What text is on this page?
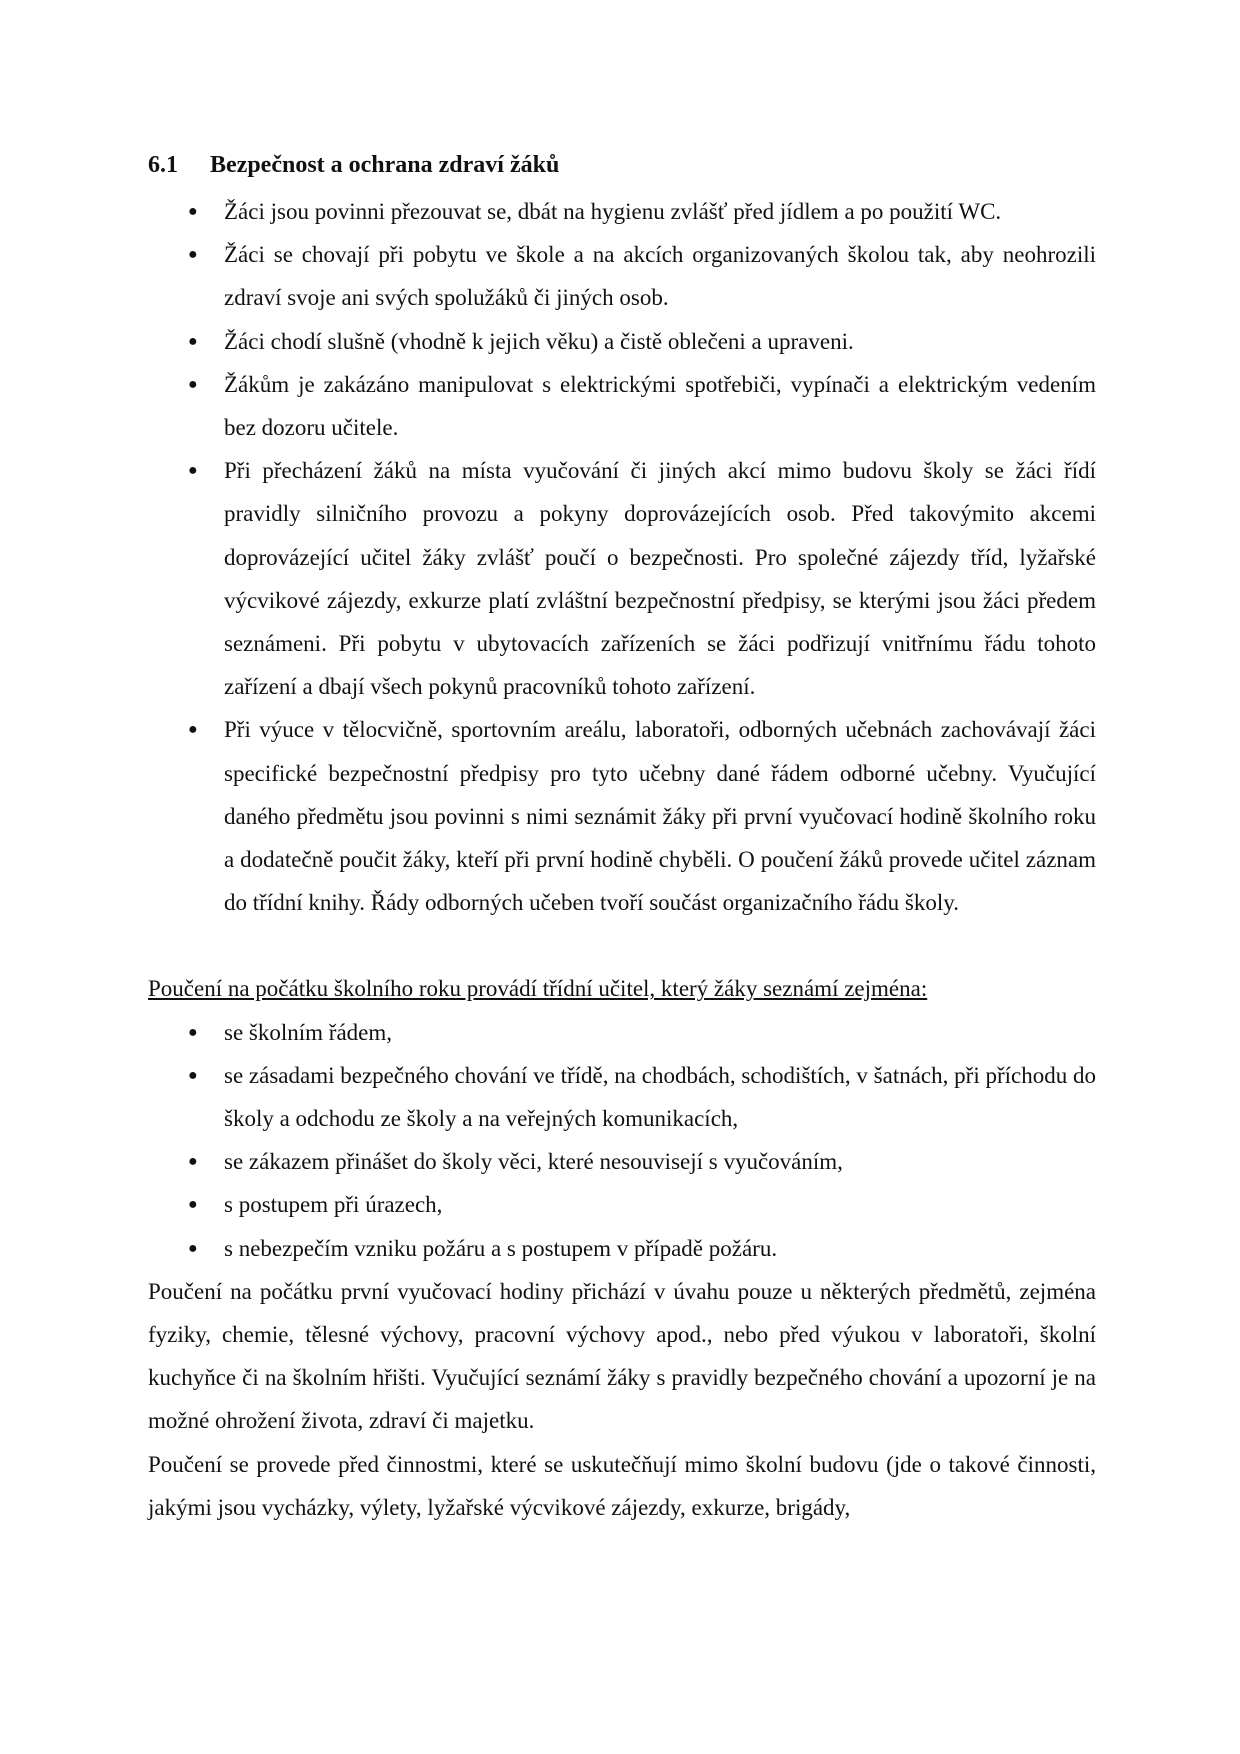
6.1 Bezpečnost a ochrana zdraví žáků
● Žáci jsou povinni přezouvat se, dbát na hygienu zvlášť před jídlem a po použití WC.
● Žáci se chovají při pobytu ve škole a na akcích organizovaných školou tak, aby neohrozili zdraví svoje ani svých spolužáků či jiných osob.
● Žáci chodí slušně (vhodně k jejich věku) a čistě oblečeni a upraveni.
● Žákům je zakázáno manipulovat s elektrickými spotřebiči, vypínači a elektrickým vedením bez dozoru učitele.
● Při přecházení žáků na místa vyučování či jiných akcí mimo budovu školy se žáci řídí pravidly silničního provozu a pokyny doprovázejících osob. Před takovýmito akcemi doprovázející učitel žáky zvlášť poučí o bezpečnosti. Pro společné zájezdy tříd, lyžařské výcvikové zájezdy, exkurze platí zvláštní bezpečnostní předpisy, se kterými jsou žáci předem seznámeni. Při pobytu v ubytovacích zařízeních se žáci podřizují vnitřnímu řádu tohoto zařízení a dbají všech pokynů pracovníků tohoto zařízení.
● Při výuce v tělocvičně, sportovním areálu, laboratoři, odborných učebnách zachovávají žáci specifické bezpečnostní předpisy pro tyto učebny dané řádem odborné učebny. Vyučující daného předmětu jsou povinni s nimi seznámit žáky při první vyučovací hodině školního roku a dodatečně poučit žáky, kteří při první hodině chyběli. O poučení žáků provede učitel záznam do třídní knihy. Řády odborných učeben tvoří součást organizačního řádu školy.
Poučení na počátku školního roku provádí třídní učitel, který žáky seznámí zejména:
● se školním řádem,
● se zásadami bezpečného chování ve třídě, na chodbách, schodištích, v šatnách, při příchodu do školy a odchodu ze školy a na veřejných komunikacích,
● se zákazem přinášet do školy věci, které nesouvisejí s vyučováním,
● s postupem při úrazech,
● s nebezpečím vzniku požáru a s postupem v případě požáru.

Poučení na počátku první vyučovací hodiny přichází v úvahu pouze u některých předmětů, zejména fyziky, chemie, tělesné výchovy, pracovní výchovy apod., nebo před výukou v laboratoři, školní kuchyňce či na školním hřišti. Vyučující seznámí žáky s pravidly bezpečného chování a upozorní je na možné ohrožení života, zdraví či majetku.

Poučení se provede před činnostmi, které se uskutečňují mimo školní budovu (jde o takové činnosti, jakými jsou vycházky, výlety, lyžařské výcvikové zájezdy, exkurze, brigády,
